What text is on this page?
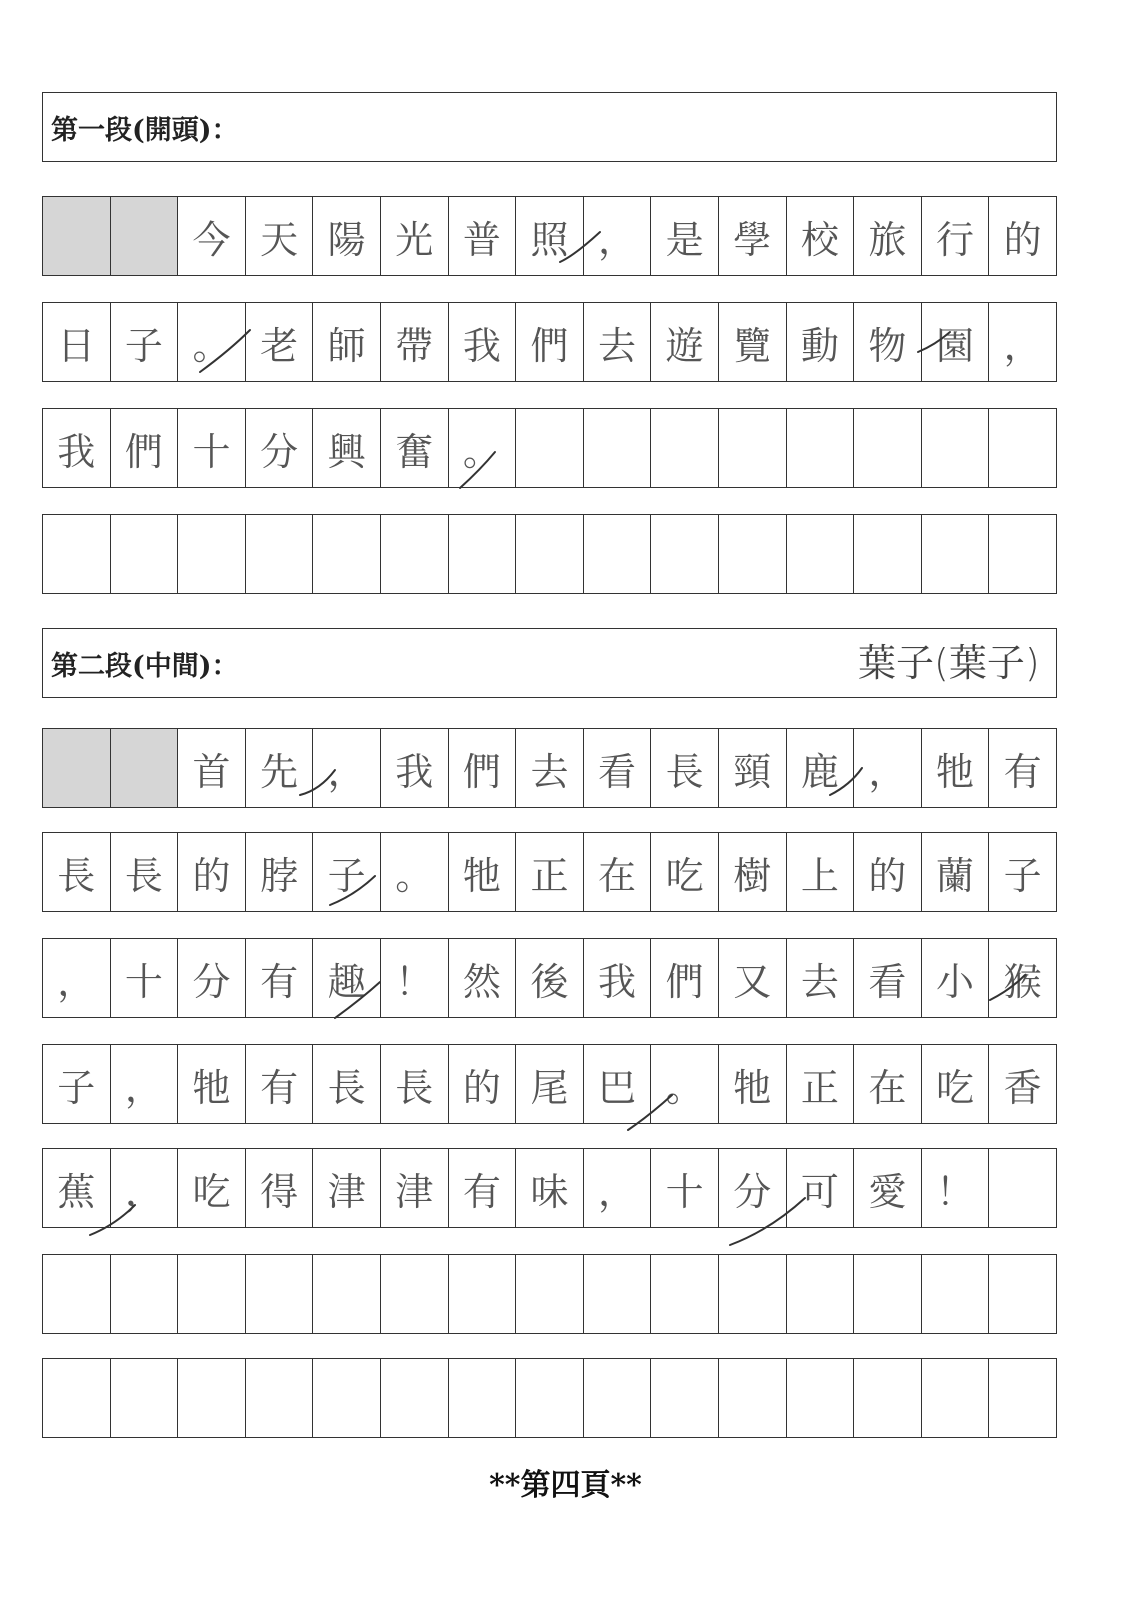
第一段(開頭)：
今 天 陽 光 普 照 ， 是 學 校 旅 行 的
日 子 。 老 師 帶 我 們 去 遊 覽 動 物 園 ，
我 們 十 分 興 奮 。
第二段(中間)：	葉子(葉子)
首 先 ， 我 們 去 看 長 頸 鹿 ， 牠 有
長 長 的 脖 子 。 牠 正 在 吃 樹 上 的 蘭 子
， 十 分 有 趣 ！ 然 後 我 們 又 去 看 小 猴
子 ， 牠 有 長 長 的 尾 巴 。 牠 正 在 吃 香
蕉 ， 吃 得 津 津 有 味 ， 十 分 可 愛 ！
**第四頁**
